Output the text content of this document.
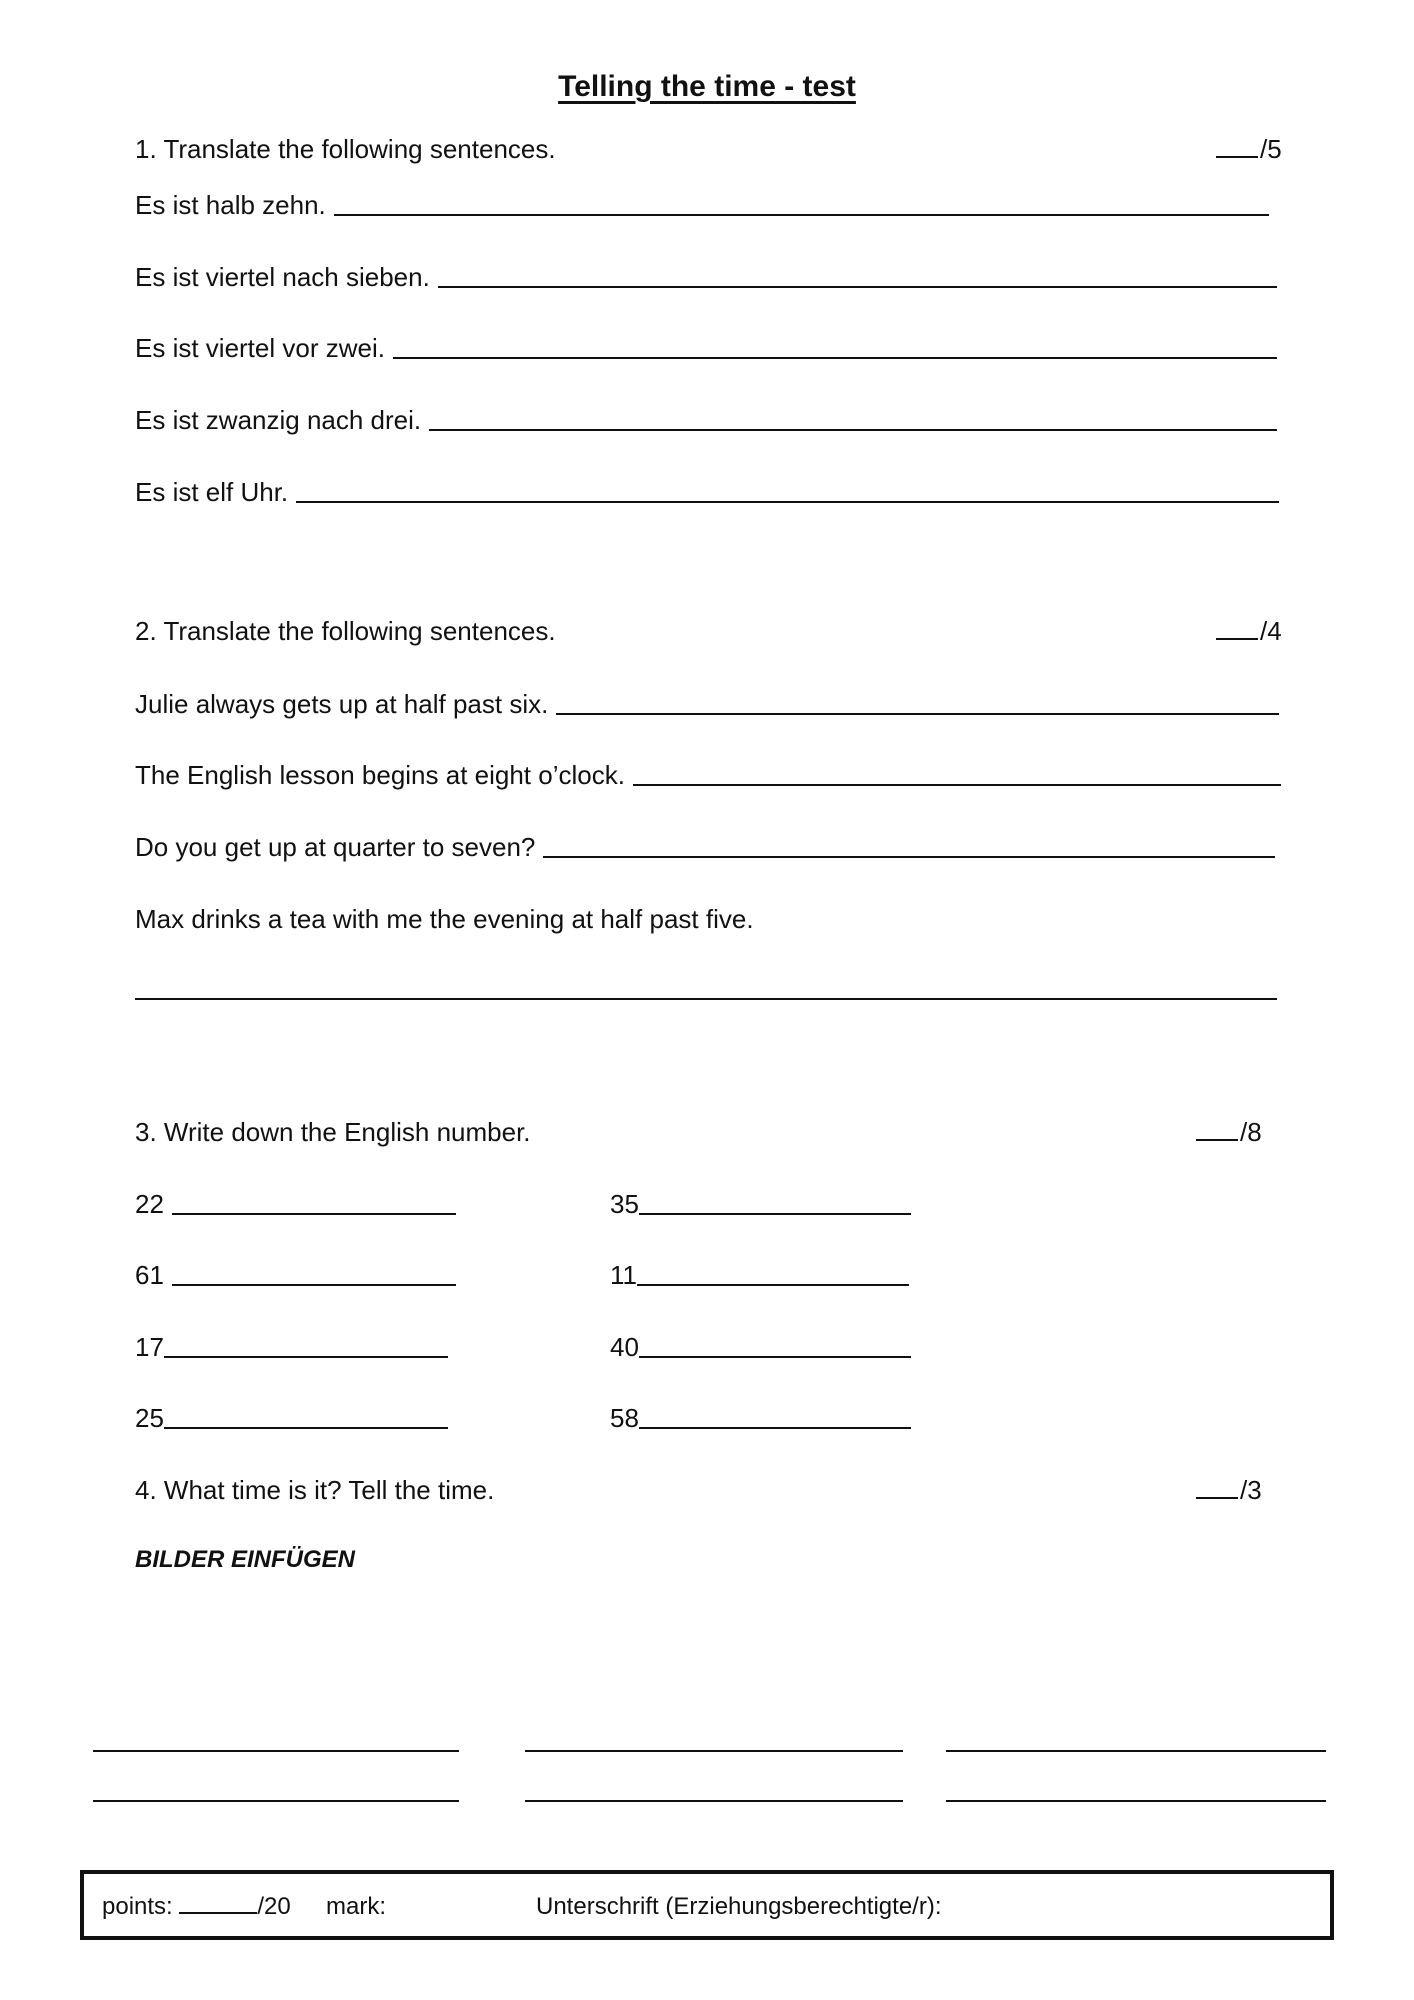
Telling the time - test
1. Translate the following sentences.	/5
Es ist halb zehn.
Es ist viertel nach sieben.
Es ist viertel vor zwei.
Es ist zwanzig nach drei.
Es ist elf Uhr.
2. Translate the following sentences.	/4
Julie always gets up at half past six.
The English lesson begins at eight o’clock.
Do you get up at quarter to seven?
Max drinks a tea with me the evening at half past five.
3. Write down the English number.	/8
22	35
61	11
17	40
25	58
4. What time is it? Tell the time.	/3
BILDER EINFÜGEN
points:	/20 mark:	Unterschrift (Erziehungsberechtigte/r):
